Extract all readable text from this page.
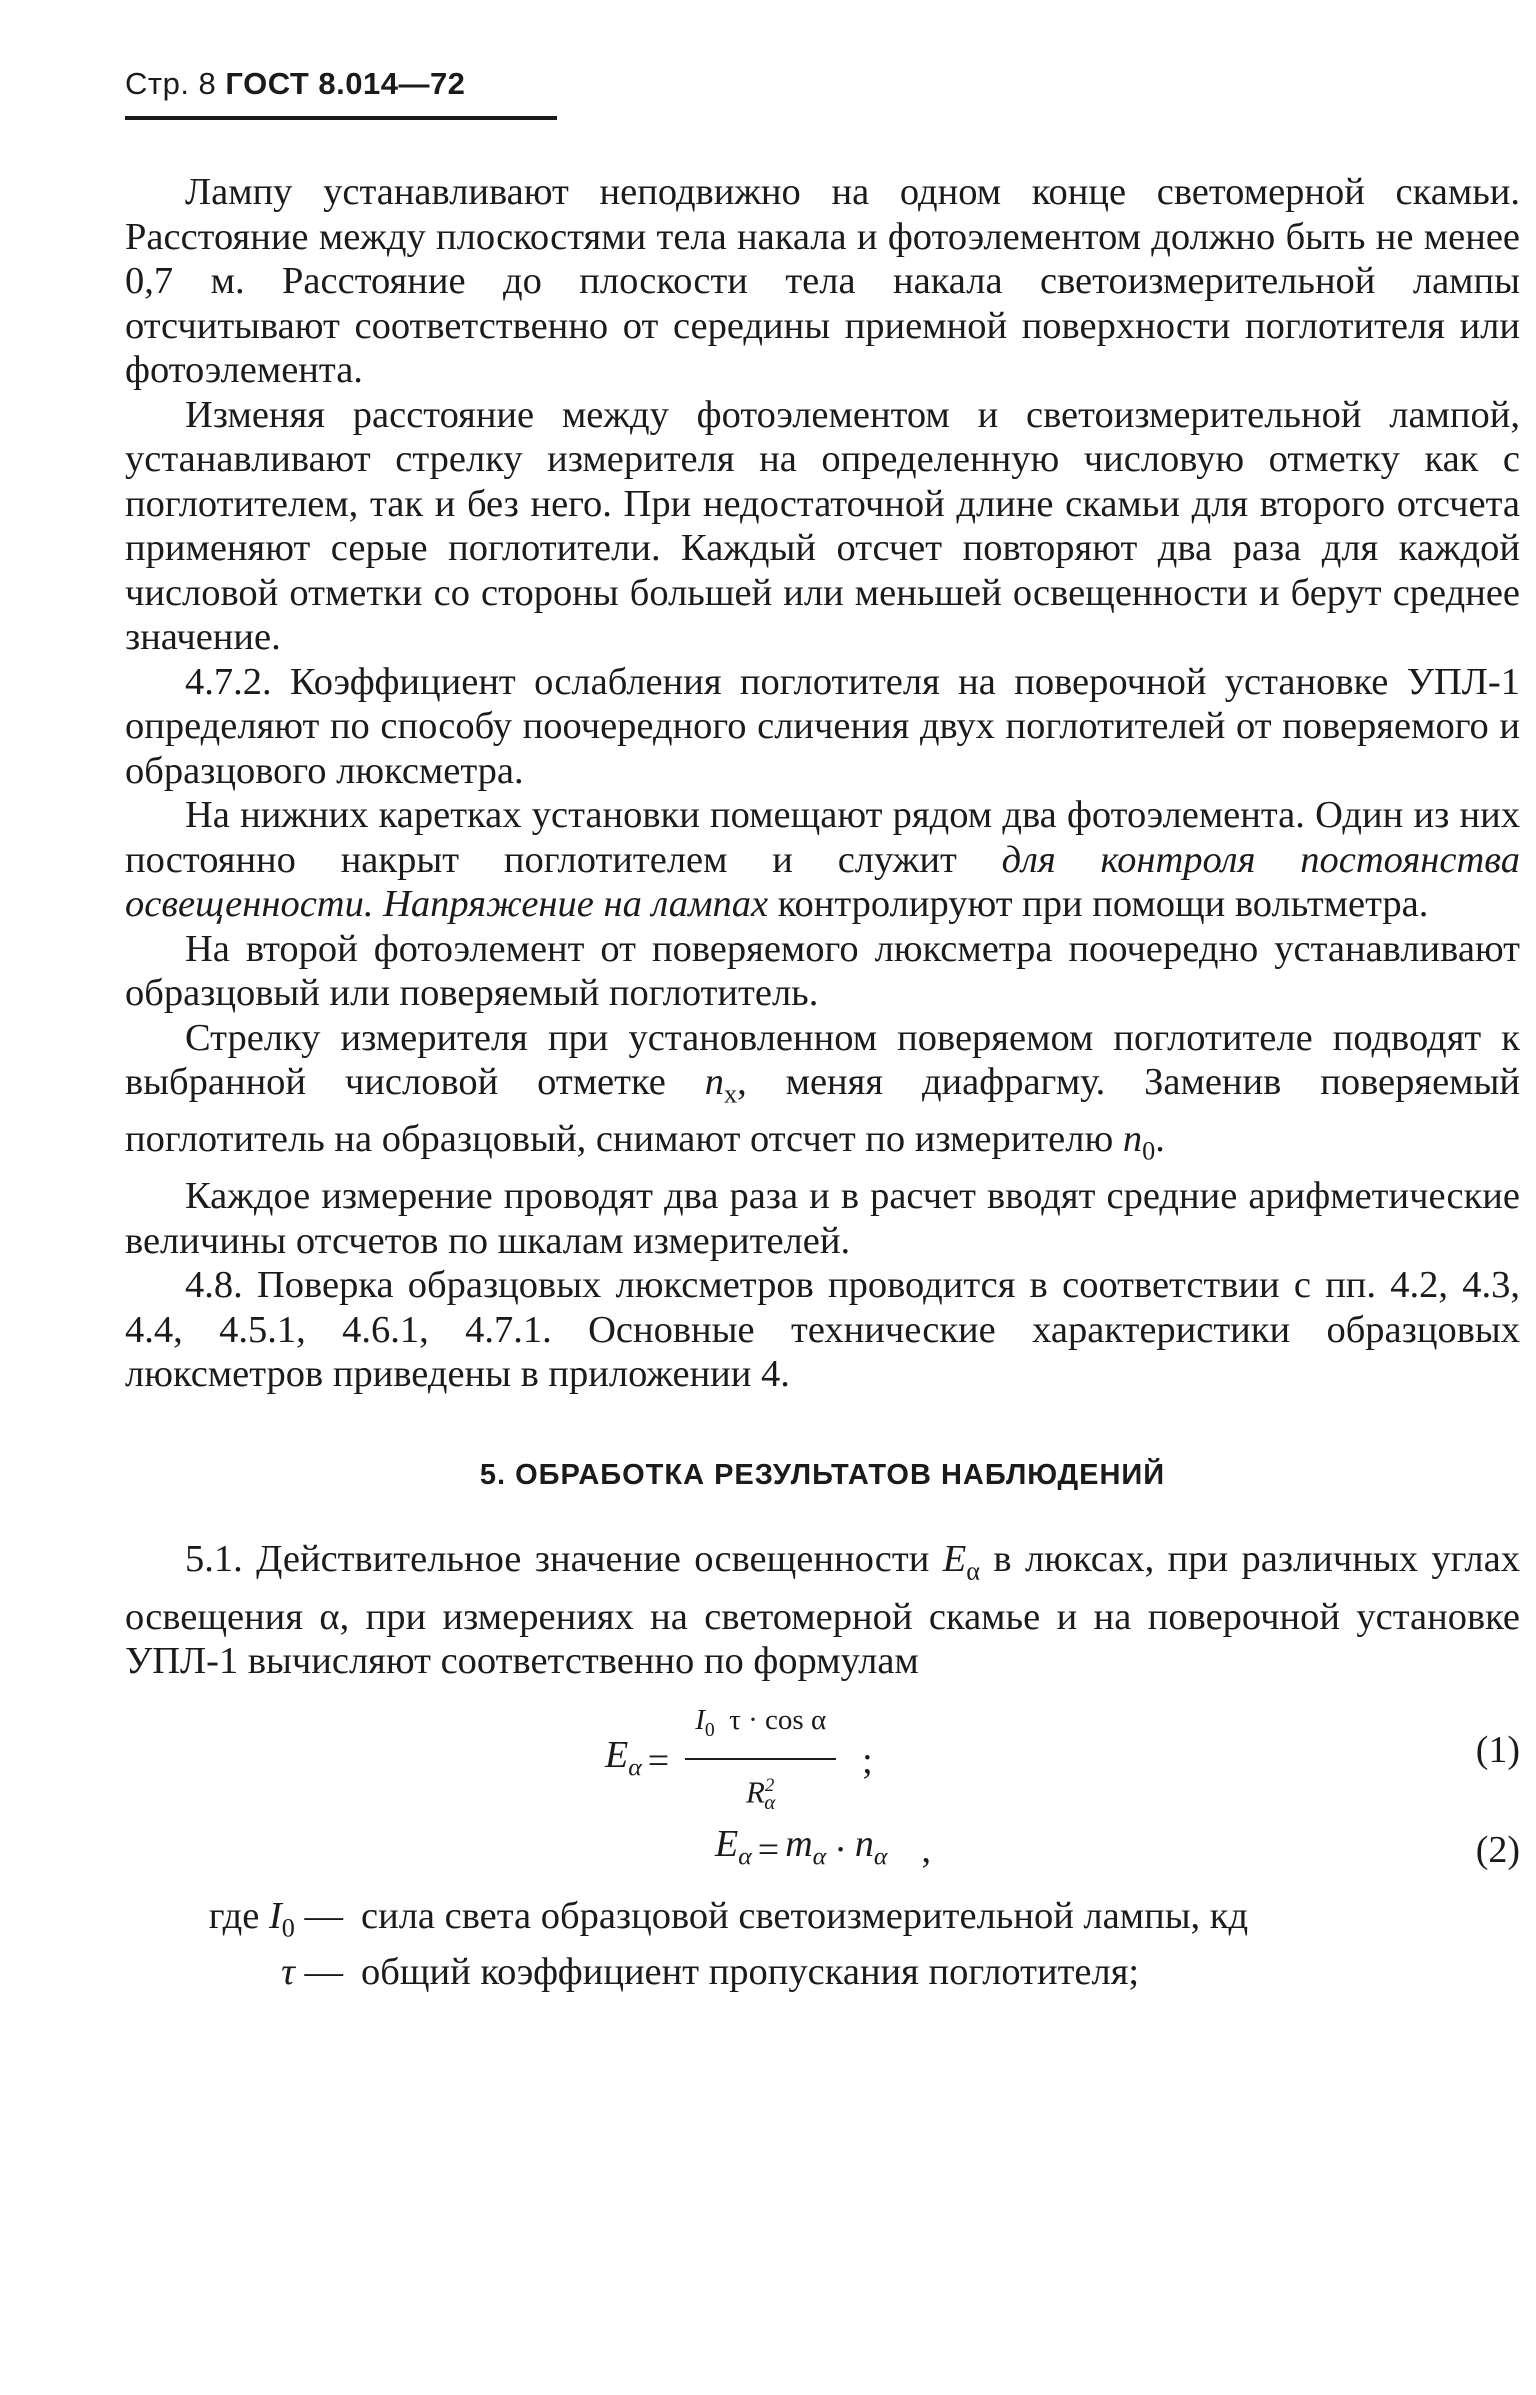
Стр. 8 ГОСТ 8.014—72

Лампу устанавливают неподвижно на одном конце светомерной скамьи. Расстояние между плоскостями тела накала и фотоэлементом должно быть не менее 0,7 м. Расстояние до плоскости тела накала светоизмерительной лампы отсчитывают соответственно от середины приемной поверхности поглотителя или фотоэлемента.

Изменяя расстояние между фотоэлементом и светоизмерительной лампой, устанавливают стрелку измерителя на определенную числовую отметку как с поглотителем, так и без него. При недостаточной длине скамьи для второго отсчета применяют серые поглотители. Каждый отсчет повторяют два раза для каждой числовой отметки со стороны большей или меньшей освещенности и берут среднее значение.

4.7.2. Коэффициент ослабления поглотителя на поверочной установке УПЛ-1 определяют по способу поочередного сличения двух поглотителей от поверяемого и образцового люксметра.

На нижних каретках установки помещают рядом два фотоэлемента. Один из них постоянно накрыт поглотителем и служит для контроля постоянства освещенности. Напряжение на лампах контролируют при помощи вольтметра.

На второй фотоэлемент от поверяемого люксметра поочередно устанавливают образцовый или поверяемый поглотитель.

Стрелку измерителя при установленном поверяемом поглотителе подводят к выбранной числовой отметке $n_x$, меняя диафрагму. Заменив поверяемый поглотитель на образцовый, снимают отсчет по измерителю $n_0$.

Каждое измерение проводят два раза и в расчет вводят средние арифметические величины отсчетов по шкалам измерителей.

4.8. Поверка образцовых люксметров проводится в соответствии с пп. 4.2, 4.3, 4.4, 4.5.1, 4.6.1, 4.7.1. Основные технические характеристики образцовых люксметров приведены в приложении 4.

5. ОБРАБОТКА РЕЗУЛЬТАТОВ НАБЛЮДЕНИЙ

5.1. Действительное значение освещенности $E_\alpha$ в люксах, при различных углах освещения α, при измерениях на светомерной скамье и на поверочной установке УПЛ-1 вычисляют соответственно по формулам

$E_\alpha = \frac{I_0 \tau \cdot \cos \alpha}{R^2_\alpha}$ ;	(1)
$E_\alpha = m_\alpha \cdot n_\alpha$ ,	(2)
где $I_0$ — сила света образцовой светоизмерительной лампы, кд
τ — общий коэффициент пропускания поглотителя;
